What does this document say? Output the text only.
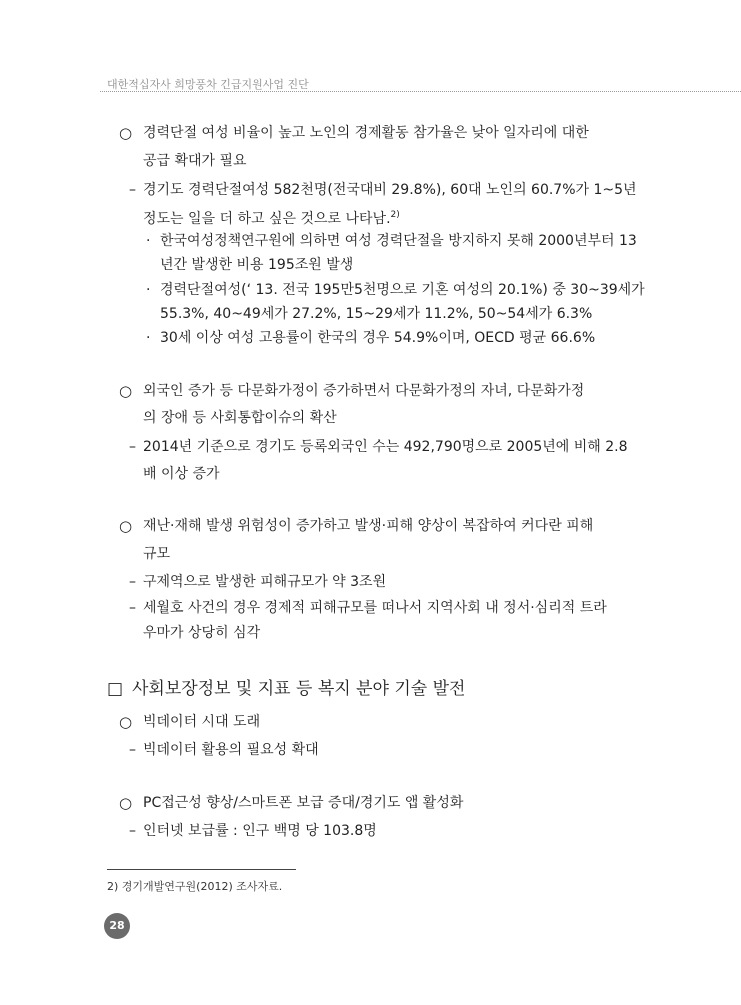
대한적십자사 희망풍차 긴급지원사업 진단
○ 경력단절 여성 비율이 높고 노인의 경제활동 참가율은 낮아 일자리에 대한
공급 확대가 필요
– 경기도 경력단절여성 582천명(전국대비 29.8%), 60대 노인의 60.7%가 1~5년
정도는 일을 더 하고 싶은 것으로 나타남.$^{2)}$
· 한국여성정책연구원에 의하면 여성 경력단절을 방지하지 못해 2000년부터 13
년간 발생한 비용 195조원 발생
· 경력단절여성(‘ 13. 전국 195만5천명으로 기혼 여성의 20.1%) 중 30~39세가
55.3%, 40~49세가 27.2%, 15~29세가 11.2%, 50~54세가 6.3%
· 30세 이상 여성 고용률이 한국의 경우 54.9%이며, OECD 평균 66.6%
○ 외국인 증가 등 다문화가정이 증가하면서 다문화가정의 자녀, 다문화가정
의 장애 등 사회통합이슈의 확산
– 2014년 기준으로 경기도 등록외국인 수는 492,790명으로 2005년에 비해 2.8
배 이상 증가
○ 재난·재해 발생 위험성이 증가하고 발생·피해 양상이 복잡하여 커다란 피해
규모
– 구제역으로 발생한 피해규모가 약 3조원
– 세월호 사건의 경우 경제적 피해규모를 떠나서 지역사회 내 정서·심리적 트라
우마가 상당히 심각
□ 사회보장정보 및 지표 등 복지 분야 기술 발전
○ 빅데이터 시대 도래
– 빅데이터 활용의 필요성 확대
○ PC접근성 향상/스마트폰 보급 증대/경기도 앱 활성화
– 인터넷 보급률 : 인구 백명 당 103.8명
2) 경기개발연구원(2012) 조사자료.
28
